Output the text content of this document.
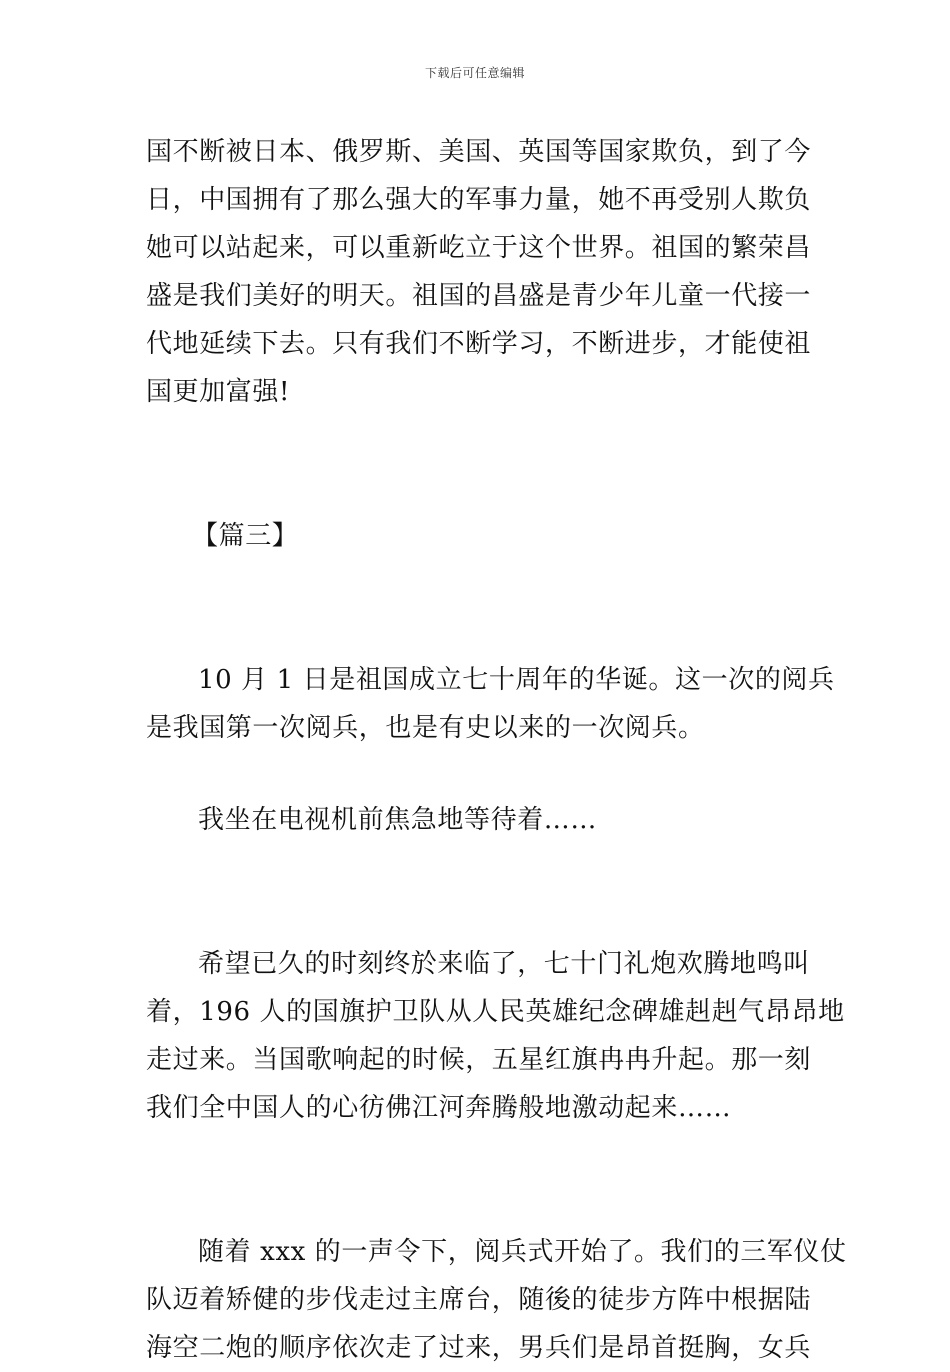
下载后可任意编辑
国不断被日本、俄罗斯、美国、英国等国家欺负，到了今
日，中国拥有了那么强大的军事力量，她不再受别人欺负
她可以站起来，可以重新屹立于这个世界。祖国的繁荣昌
盛是我们美好的明天。祖国的昌盛是青少年儿童一代接一
代地延续下去。只有我们不断学习，不断进步，才能使祖
国更加富强!
【篇三】
10 月 1 日是祖国成立七十周年的华诞。这一次的阅兵
是我国第一次阅兵，也是有史以来的一次阅兵。
我坐在电视机前焦急地等待着……
希望已久的时刻终於来临了，七十门礼炮欢腾地鸣叫
着，196 人的国旗护卫队从人民英雄纪念碑雄赳赳气昂昂地
走过来。当国歌响起的时候，五星红旗冉冉升起。那一刻
我们全中国人的心彷佛江河奔腾般地激动起来……
随着 xxx 的一声令下，阅兵式开始了。我们的三军仪仗
队迈着矫健的步伐走过主席台，随後的徒步方阵中根据陆
海空二炮的顺序依次走了过来，男兵们是昂首挺胸，女兵
